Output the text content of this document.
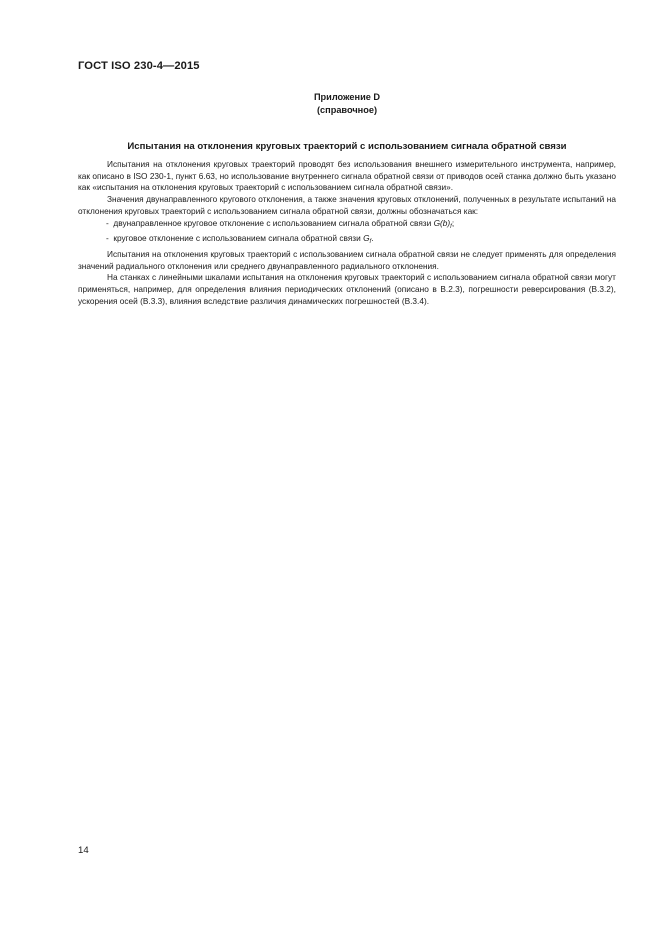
ГОСТ ISO 230-4—2015
Приложение D
(справочное)
Испытания на отклонения круговых траекторий с использованием сигнала обратной связи

Испытания на отклонения круговых траекторий проводят без использования внешнего измерительного инструмента, например, как описано в ISO 230-1, пункт 6.63, но использование внутреннего сигнала обратной связи от приводов осей станка должно быть указано как «испытания на отклонения круговых траекторий с использованием сигнала обратной связи».

Значения двунаправленного кругового отклонения, а также значения круговых отклонений, полученных в результате испытаний на отклонения круговых траекторий с использованием сигнала обратной связи, должны обозначаться как:

-  двунаправленное круговое отклонение с использованием сигнала обратной связи $G(b)_f$;

-  круговое отклонение с использованием сигнала обратной связи $G_f$.

Испытания на отклонения круговых траекторий с использованием сигнала обратной связи не следует применять для определения значений радиального отклонения или среднего двунаправленного радиального отклонения.

На станках с линейными шкалами испытания на отклонения круговых траекторий с использованием сигнала обратной связи могут применяться, например, для определения влияния периодических отклонений (описано в В.2.3), погрешности реверсирования (В.3.2), ускорения осей (В.3.3), влияния вследствие различия динамических погрешностей (В.3.4).

14
